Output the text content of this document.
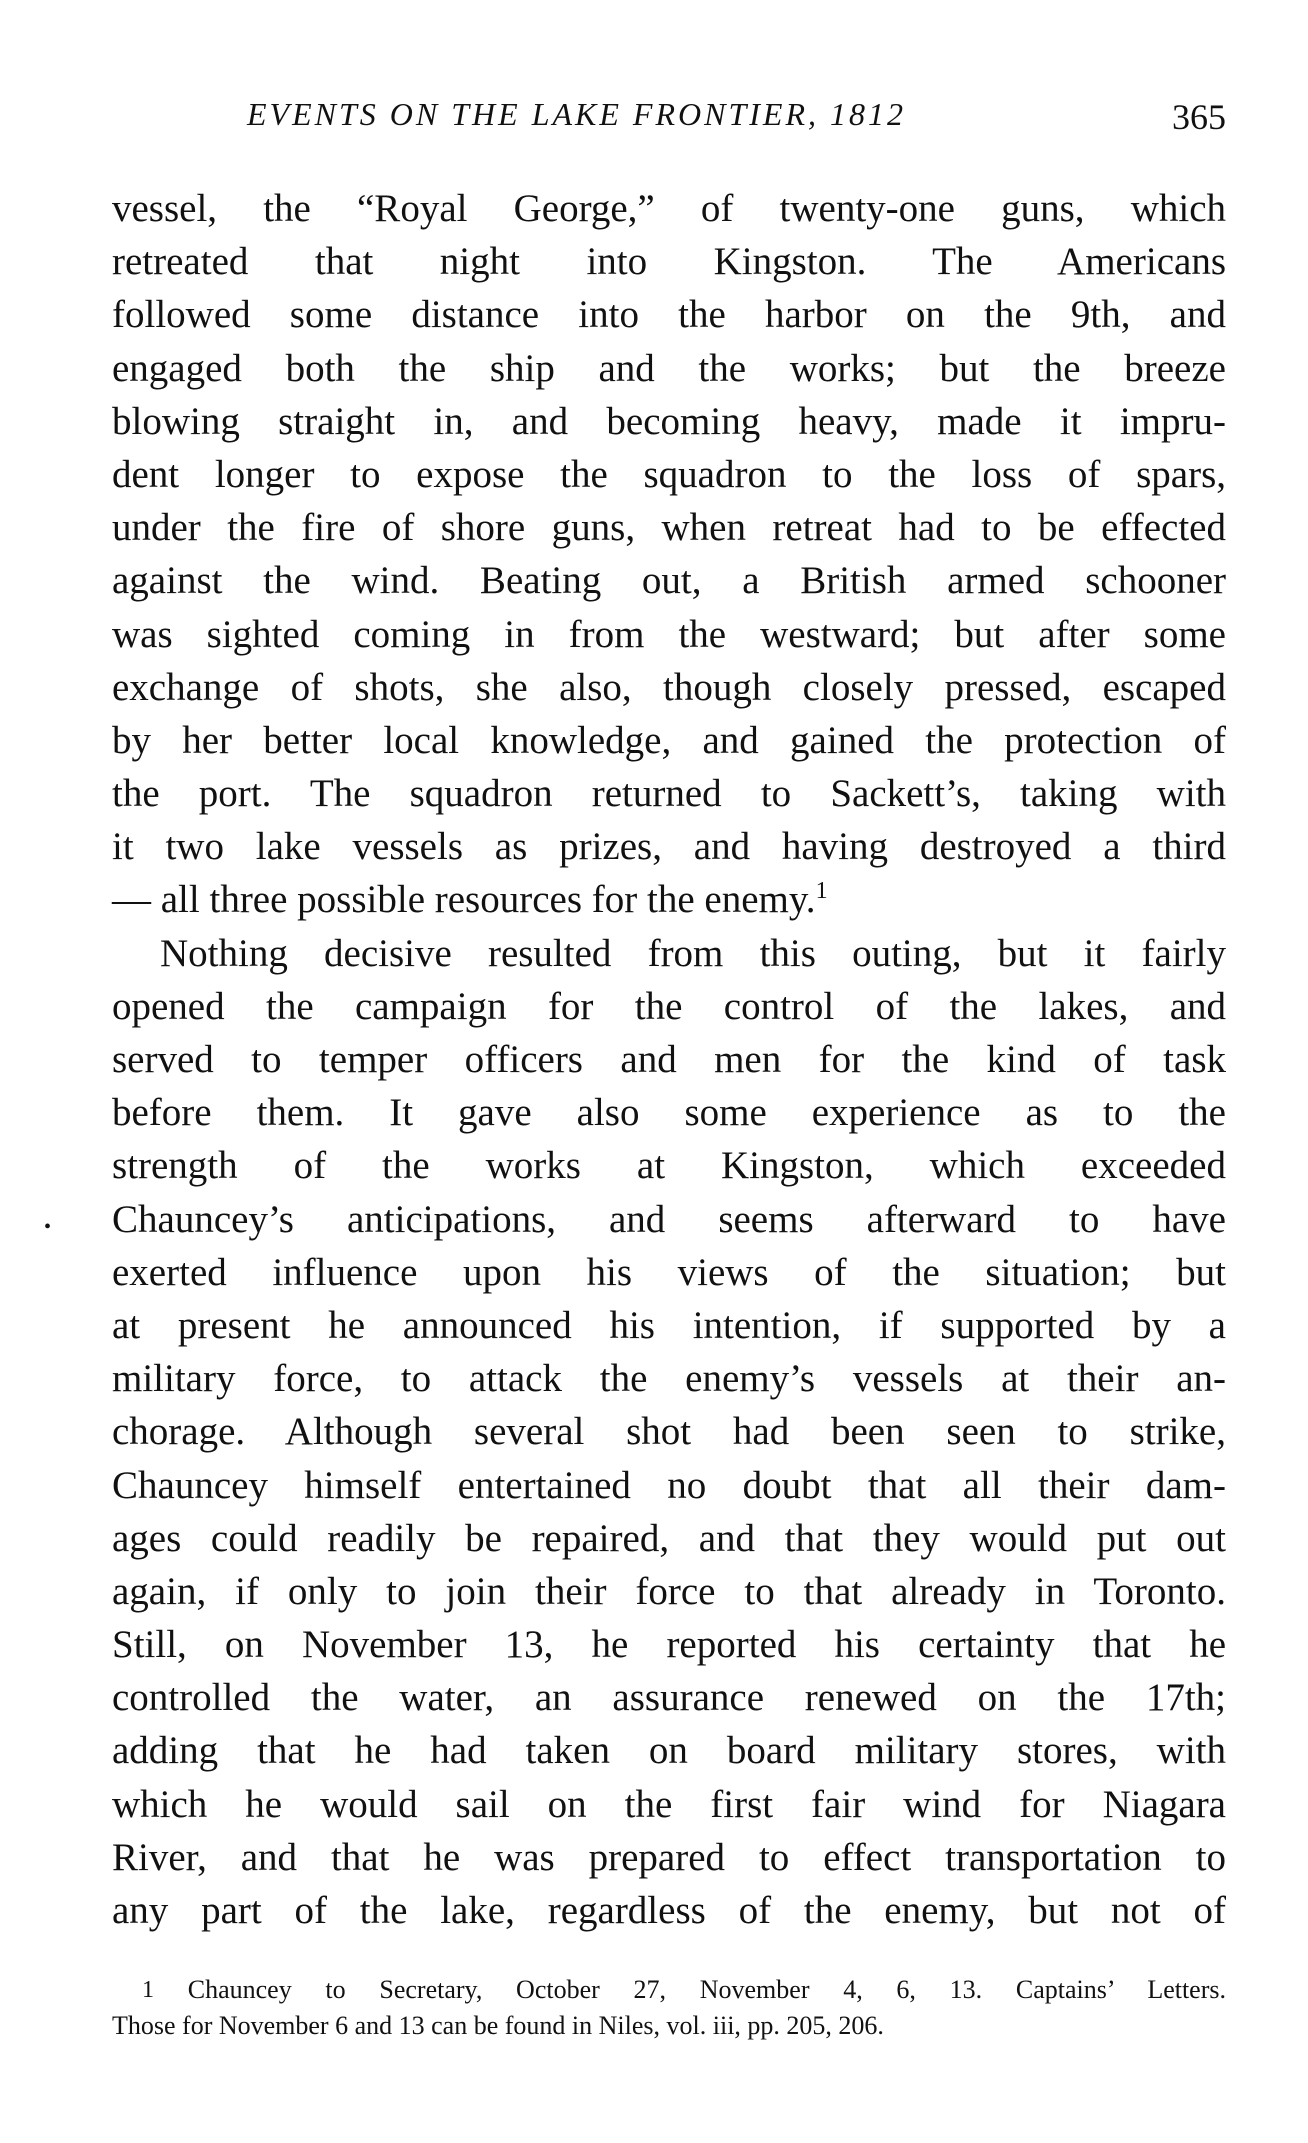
EVENTS ON THE LAKE FRONTIER, 1812	365
•
vessel, the “Royal George,” of twenty-one guns, which
retreated that night into Kingston. The Americans
followed some distance into the harbor on the 9th, and
engaged both the ship and the works; but the breeze
blowing straight in, and becoming heavy, made it impru-
dent longer to expose the squadron to the loss of spars,
under the fire of shore guns, when retreat had to be effected
against the wind. Beating out, a British armed schooner
was sighted coming in from the westward; but after some
exchange of shots, she also, though closely pressed, escaped
by her better local knowledge, and gained the protection of
the port. The squadron returned to Sackett’s, taking with
it two lake vessels as prizes, and having destroyed a third
— all three possible resources for the enemy.$^1$
Nothing decisive resulted from this outing, but it fairly
opened the campaign for the control of the lakes, and
served to temper officers and men for the kind of task
before them. It gave also some experience as to the
strength of the works at Kingston, which exceeded
Chauncey’s anticipations, and seems afterward to have
exerted influence upon his views of the situation; but
at present he announced his intention, if supported by a
military force, to attack the enemy’s vessels at their an-
chorage. Although several shot had been seen to strike,
Chauncey himself entertained no doubt that all their dam-
ages could readily be repaired, and that they would put out
again, if only to join their force to that already in Toronto.
Still, on November 13, he reported his certainty that he
controlled the water, an assurance renewed on the 17th;
adding that he had taken on board military stores, with
which he would sail on the first fair wind for Niagara
River, and that he was prepared to effect transportation to
any part of the lake, regardless of the enemy, but not of
$^1$ Chauncey to Secretary, October 27, November 4, 6, 13. Captains’ Letters.
Those for November 6 and 13 can be found in Niles, vol. iii, pp. 205, 206.
